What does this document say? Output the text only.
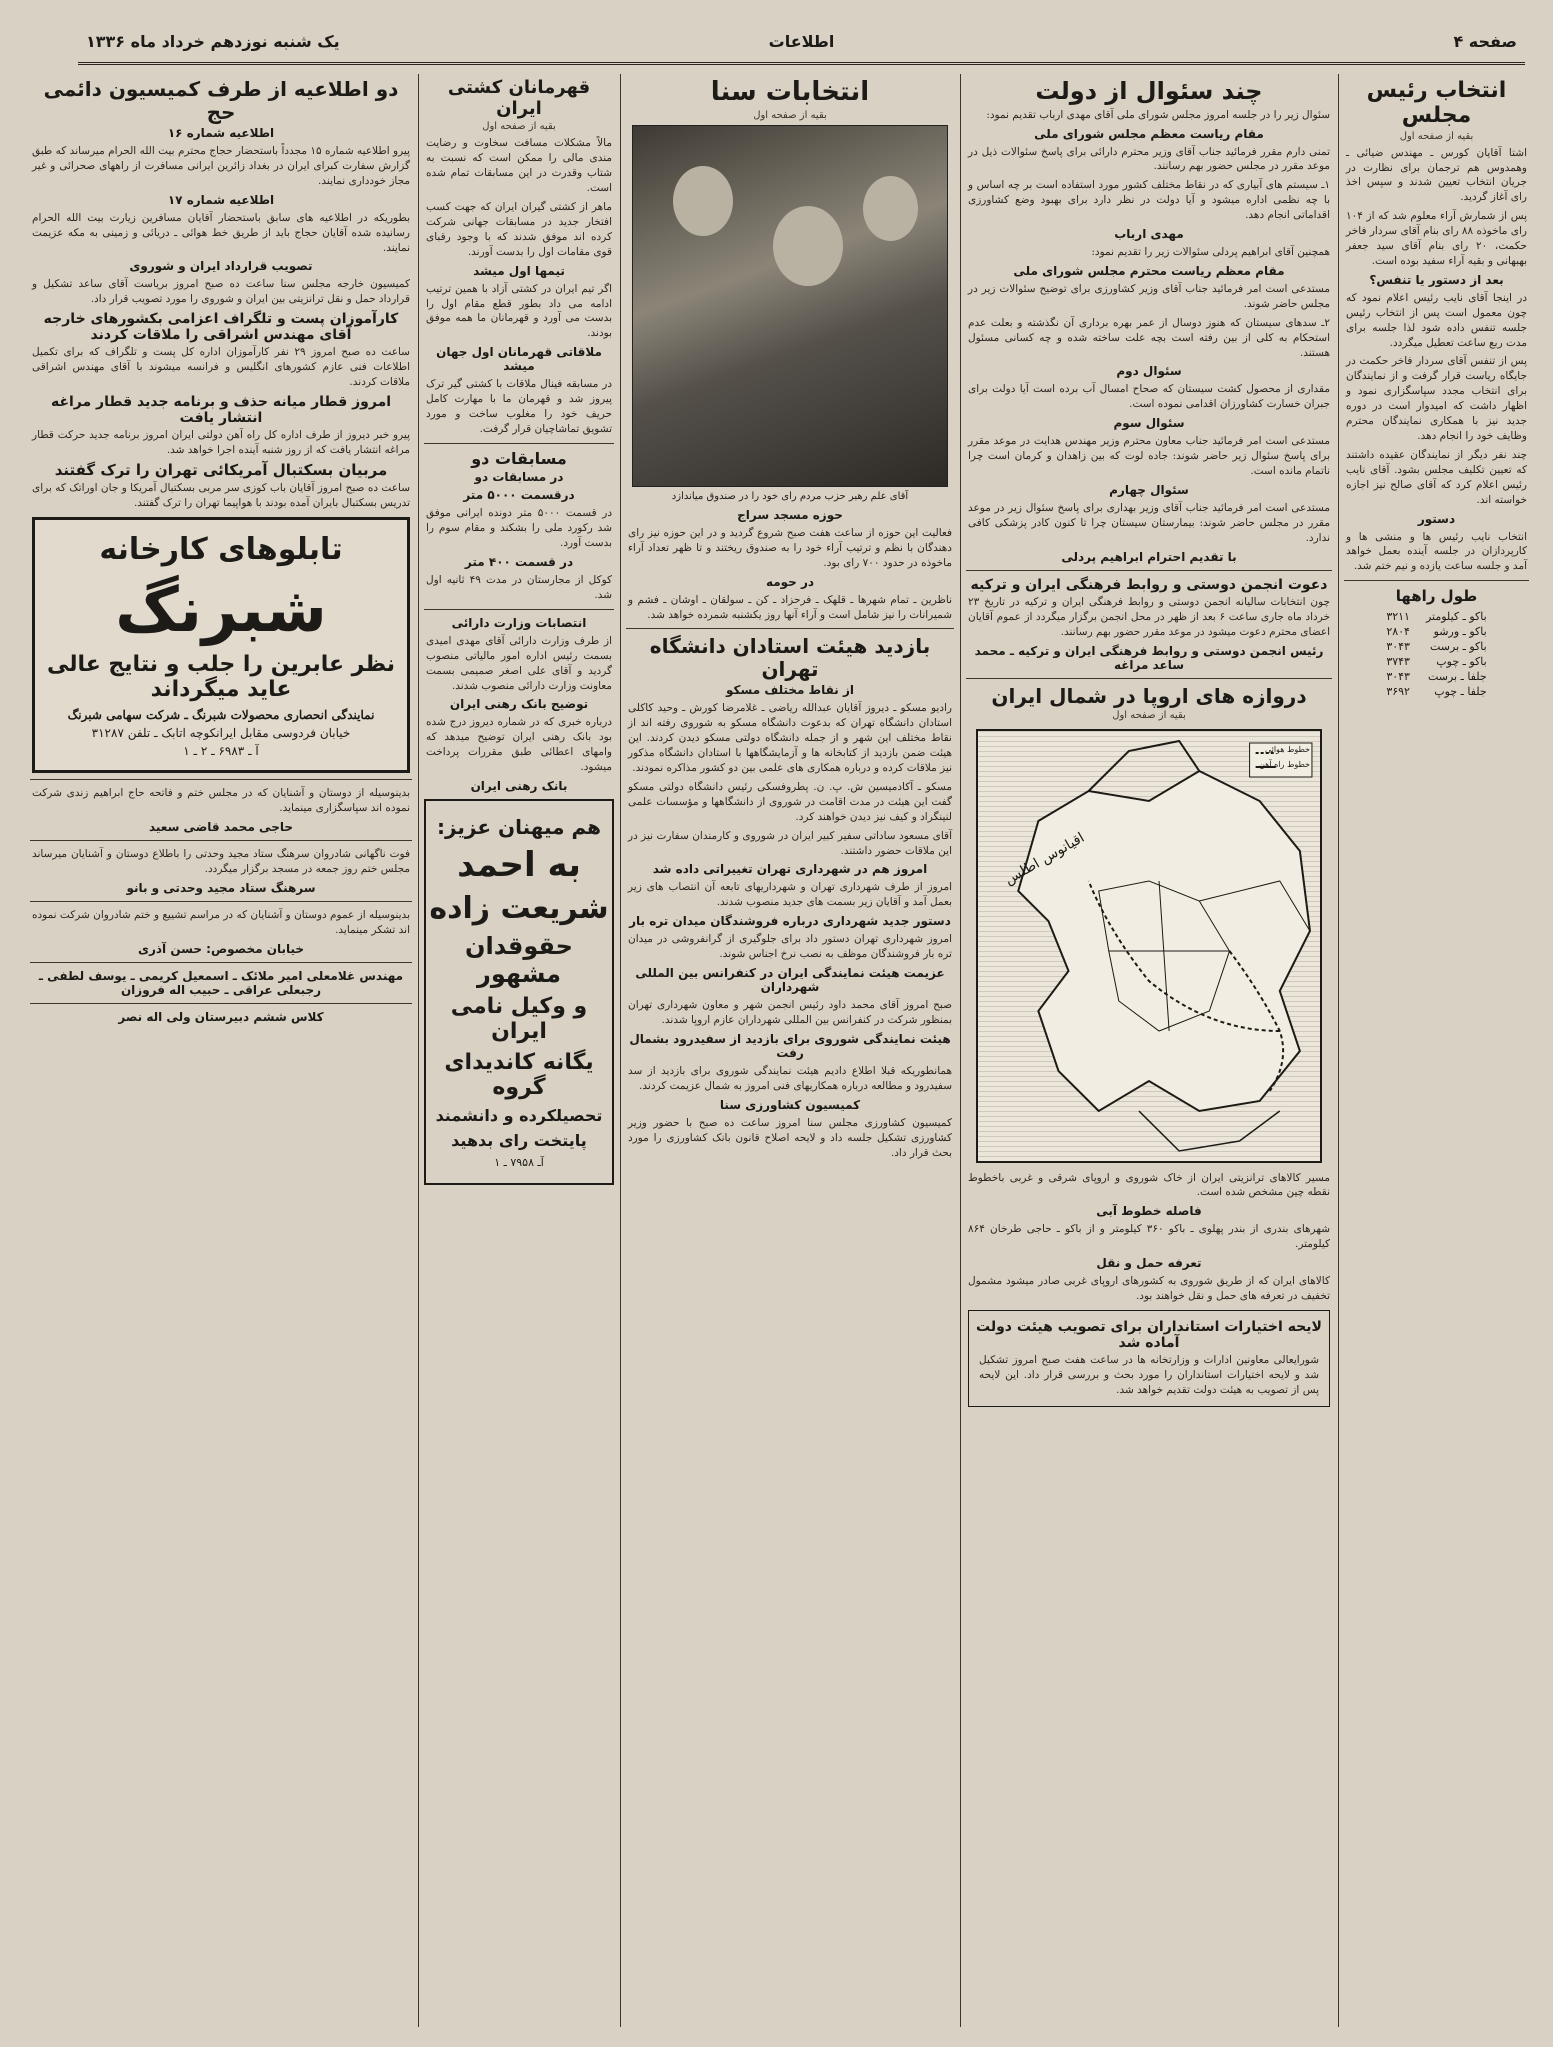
صفحه ۴
اطلاعات
یک شنبه نوزدهم خرداد ماه ۱۳۳۶
انتخاب رئیس مجلس
بقیه از صفحه اول

اشتا آقایان کورس ـ مهندس ضیائی ـ وهمدوس هم ترجمان برای نظارت در جریان انتخاب تعیین شدند و سپس اخذ رای آغاز گردید.

پس از شمارش آراء معلوم شد که از ۱۰۴ رای ماخوذه ۸۸ رای بنام آقای سردار فاخر حکمت، ۲۰ رای بنام آقای سید جعفر بهبهانی و بقیه آراء سفید بوده است.

بعد از دستور یا تنفس؟

در اینجا آقای نایب رئیس اعلام نمود که چون معمول است پس از انتخاب رئیس جلسه تنفس داده شود لذا جلسه برای مدت ربع ساعت تعطیل میگردد.

پس از تنفس آقای سردار فاخر حکمت در جایگاه ریاست قرار گرفت و از نمایندگان برای انتخاب مجدد سپاسگزاری نمود و اظهار داشت که امیدوار است در دوره جدید نیز با همکاری نمایندگان محترم وظایف خود را انجام دهد.

چند نفر دیگر از نمایندگان عقیده داشتند که تعیین تکلیف مجلس بشود. آقای نایب رئیس اعلام کرد که آقای صالح نیز اجازه خواسته اند.

دستور

انتخاب نایب رئیس ها و منشی ها و کارپردازان در جلسه آینده بعمل خواهد آمد و جلسه ساعت یازده و نیم ختم شد.

طول راهها
باکو ـ کیلومتر	۳۲۱۱
باکو ـ ورشو	۲۸۰۴
باکو ـ برست	۳۰۴۳
باکو ـ چوپ	۳۷۴۳
جلفا ـ برست	۳۰۴۳
جلفا ـ چوپ	۳۶۹۲
چند سئوال از دولت

سئوال زیر را در جلسه امروز مجلس شورای ملی آقای مهدی ارباب تقدیم نمود:

مقام ریاست معظم مجلس شورای ملی

تمنی دارم مقرر فرمائید جناب آقای وزیر محترم دارائی برای پاسخ سئوالات ذیل در موعد مقرر در مجلس حضور بهم رسانند.

۱ـ سیستم های آبیاری که در نقاط مختلف کشور مورد استفاده است بر چه اساس و با چه نظمی اداره میشود و آیا دولت در نظر دارد برای بهبود وضع کشاورزی اقداماتی انجام دهد.

مهدی ارباب

همچنین آقای ابراهیم پردلی سئوالات زیر را تقدیم نمود:

مقام معظم ریاست محترم مجلس شورای ملی

مستدعی است امر فرمائید جناب آقای وزیر کشاورزی برای توضیح سئوالات زیر در مجلس حاضر شوند.

۲ـ سدهای سیستان که هنوز دوسال از عمر بهره برداری آن نگذشته و بعلت عدم استحکام به کلی از بین رفته است بچه علت ساخته شده و چه کسانی مسئول هستند.

سئوال دوم

مقداری از محصول کشت سیستان که صحاح امسال آب برده است آیا دولت برای جبران خسارت کشاورزان اقدامی نموده است.

سئوال سوم

مستدعی است امر فرمائید جناب معاون محترم وزیر مهندس هدایت در موعد مقرر برای پاسخ سئوال زیر حاضر شوند: جاده لوت که بین زاهدان و کرمان است چرا ناتمام مانده است.

سئوال چهارم

مستدعی است امر فرمائید جناب آقای وزیر بهداری برای پاسخ سئوال زیر در موعد مقرر در مجلس حاضر شوند: بیمارستان سیستان چرا تا کنون کادر پزشکی کافی ندارد.

با تقدیم احترام ابراهیم پردلی
دعوت انجمن دوستی و روابط فرهنگی ایران و ترکیه

چون انتخابات سالیانه انجمن دوستی و روابط فرهنگی ایران و ترکیه در تاریخ ۲۳ خرداد ماه جاری ساعت ۶ بعد از ظهر در محل انجمن برگزار میگردد از عموم آقایان اعضای محترم دعوت میشود در موعد مقرر حضور بهم رسانند.

رئیس انجمن دوستی و روابط فرهنگی ایران و ترکیه ـ محمد ساعد مراغه
دروازه های اروپا در شمال ایران
بقیه از صفحه اول
اقیانوس اطلس
خطوط هوائی
خطوط راه آهن

مسیر کالاهای ترانزیتی ایران از خاک شوروی و اروپای شرقی و غربی باخطوط نقطه چین مشخص شده است.

فاصله خطوط آبی

شهرهای بندری از بندر پهلوی ـ باکو ۳۶۰ کیلومتر و از باکو ـ حاجی طرخان ۸۶۴ کیلومتر.

تعرفه حمل و نقل

کالاهای ایران که از طریق شوروی به کشورهای اروپای غربی صادر میشود مشمول تخفیف در تعرفه های حمل و نقل خواهند بود.

لایحه اختیارات استانداران برای تصویب هیئت دولت آماده شد

شورایعالی معاونین ادارات و وزارتخانه ها در ساعت هفت صبح امروز تشکیل شد و لایحه اختیارات استانداران را مورد بحث و بررسی قرار داد. این لایحه پس از تصویب به هیئت دولت تقدیم خواهد شد.

انتخابات سنا
بقیه از صفحه اول
آقای علم رهبر حزب مردم رای خود را در صندوق میاندازد
حوزه مسجد سراج

فعالیت این حوزه از ساعت هفت صبح شروع گردید و در این حوزه نیز رای دهندگان با نظم و ترتیب آراء خود را به صندوق ریختند و تا ظهر تعداد آراء ماخوذه در حدود ۷۰۰ رای بود.

در حومه

ناظرین ـ تمام شهرها ـ قلهک ـ فرحزاد ـ کن ـ سولقان ـ اوشان ـ فشم و شمیرانات را نیز شامل است و آراء آنها روز یکشنبه شمرده خواهد شد.

بازدید هیئت استادان دانشگاه تهران
از نقاط مختلف مسکو

رادیو مسکو ـ دیروز آقایان عبدالله ریاضی ـ غلامرضا کورش ـ وحید کاکلی استادان دانشگاه تهران که بدعوت دانشگاه مسکو به شوروی رفته اند از نقاط مختلف این شهر و از جمله دانشگاه دولتی مسکو دیدن کردند. این هیئت ضمن بازدید از کتابخانه ها و آزمایشگاهها با استادان دانشگاه مذکور نیز ملاقات کرده و درباره همکاری های علمی بین دو کشور مذاکره نمودند.

مسکو ـ آکادمیسین ش. پ. ن. پطروفسکی رئیس دانشگاه دولتی مسکو گفت این هیئت در مدت اقامت در شوروی از دانشگاهها و مؤسسات علمی لنینگراد و کیف نیز دیدن خواهند کرد.

آقای مسعود ساداتی سفیر کبیر ایران در شوروی و کارمندان سفارت نیز در این ملاقات حضور داشتند.

امروز هم در شهرداری تهران تغییراتی داده شد

امروز از طرف شهرداری تهران و شهرداریهای تابعه آن انتصاب های زیر بعمل آمد و آقایان زیر بسمت های جدید منصوب شدند.

دستور جدید شهرداری درباره فروشندگان میدان تره بار

امروز شهرداری تهران دستور داد برای جلوگیری از گرانفروشی در میدان تره بار فروشندگان موظف به نصب نرخ اجناس شوند.

عزیمت هیئت نمایندگی ایران در کنفرانس بین المللی شهرداران

صبح امروز آقای محمد داود رئیس انجمن شهر و معاون شهرداری تهران بمنظور شرکت در کنفرانس بین المللی شهرداران عازم اروپا شدند.

هیئت نمایندگی شوروی برای بازدید از سفیدرود بشمال رفت

همانطوریکه قبلا اطلاع دادیم هیئت نمایندگی شوروی برای بازدید از سد سفیدرود و مطالعه درباره همکاریهای فنی امروز به شمال عزیمت کردند.

کمیسیون کشاورزی سنا

کمیسیون کشاورزی مجلس سنا امروز ساعت ده صبح با حضور وزیر کشاورزی تشکیل جلسه داد و لایحه اصلاح قانون بانک کشاورزی را مورد بحث قرار داد.

قهرمانان کشتی ایران
بقیه از صفحه اول

مالاً مشکلات مسافت سخاوت و رضایت مندی مالی را ممکن است که نسبت به شتاب وقدرت در این مسابقات تمام شده است.

ماهر از کشتی گیران ایران که جهت کسب افتخار جدید در مسابقات جهانی شرکت کرده اند موفق شدند که با وجود رقبای قوی مقامات اول را بدست آورند.

تیمها اول میشد

اگر تیم ایران در کشتی آزاد با همین ترتیب ادامه می داد بطور قطع مقام اول را بدست می آورد و قهرمانان ما همه موفق بودند.

ملاقاتی قهرمانان اول جهان میشد

در مسابقه فینال ملاقات با کشتی گیر ترک پیروز شد و قهرمان ما با مهارت کامل حریف خود را مغلوب ساخت و مورد تشویق تماشاچیان قرار گرفت.

مسابقات دو
در مسابقات دو
درقسمت ۵۰۰۰ متر

در قسمت ۵۰۰۰ متر دونده ایرانی موفق شد رکورد ملی را بشکند و مقام سوم را بدست آورد.

در قسمت ۴۰۰ متر

کوکل از مجارستان در مدت ۴۹ ثانیه اول شد.

انتصابات وزارت دارائی

از طرف وزارت دارائی آقای مهدی امیدی بسمت رئیس اداره امور مالیاتی منصوب گردید و آقای علی اصغر صمیمی بسمت معاونت وزارت دارائی منصوب شدند.

توضیح بانک رهنی ایران

درباره خبری که در شماره دیروز درج شده بود بانک رهنی ایران توضیح میدهد که وامهای اعطائی طبق مقررات پرداخت میشود.

بانک رهنی ایران
هم میهنان عزیز:
به احمد
شریعت زاده
حقوقدان مشهور
و وکیل نامی ایران
یگانه کاندیدای گروه
تحصیلکرده و دانشمند
پایتخت رای بدهید
آـ ۷۹۵۸ ـ ۱
دو اطلاعیه از طرف کمیسیون دائمی حج
اطلاعیه شماره ۱۶

پیرو اطلاعیه شماره ۱۵ مجدداً باستحضار حجاج محترم بیت الله الحرام میرساند که طبق گزارش سفارت کبرای ایران در بغداد زائرین ایرانی مسافرت از راههای صحرائی و غیر مجاز خودداری نمایند.

اطلاعیه شماره ۱۷

بطوریکه در اطلاعیه های سابق باستحضار آقایان مسافرین زیارت بیت الله الحرام رسانیده شده آقایان حجاج باید از طریق خط هوائی ـ دریائی و زمینی به مکه عزیمت نمایند.

تصویب قرارداد ایران و شوروی

کمیسیون خارجه مجلس سنا ساعت ده صبح امروز بریاست آقای ساعد تشکیل و قرارداد حمل و نقل ترانزیتی بین ایران و شوروی را مورد تصویب قرار داد.

کارآموزان پست و تلگراف اعزامی بکشورهای خارجه آقای مهندس اشراقی را ملاقات کردند

ساعت ده صبح امروز ۲۹ نفر کارآموزان اداره کل پست و تلگراف که برای تکمیل اطلاعات فنی عازم کشورهای انگلیس و فرانسه میشوند با آقای مهندس اشراقی ملاقات کردند.

امروز قطار میانه حذف و برنامه جدید قطار مراغه انتشار یافت

پیرو خبر دیروز از طرف اداره کل راه آهن دولتی ایران امروز برنامه جدید حرکت قطار مراغه انتشار یافت که از روز شنبه آینده اجرا خواهد شد.

مربیان بسکتبال آمریکائی تهران را ترک گفتند

ساعت ده صبح امروز آقایان باب کوزی سر مربی بسکتبال آمریکا و جان اوراتک که برای تدریس بسکتبال بایران آمده بودند با هواپیما تهران را ترک گفتند.

تابلوهای کارخانه
شبرنگ
نظر عابرین را جلب و نتایج عالی عاید میگرداند
نمایندگی انحصاری محصولات شبرنگ ـ شرکت سهامی شبرنگ
خیابان فردوسی مقابل ایرانکوچه اتابک ـ تلفن ۳۱۲۸۷
آ ـ ۶۹۸۳ ـ ۲ ـ ۱

بدینوسیله از دوستان و آشنایان که در مجلس ختم و فاتحه حاج ابراهیم زندی شرکت نموده اند سپاسگزاری مینماید.

حاجی محمد قاضی سعید

فوت ناگهانی شادروان سرهنگ ستاد مجید وحدتی را باطلاع دوستان و آشنایان میرساند مجلس ختم روز جمعه در مسجد برگزار میگردد.

سرهنگ ستاد مجید وحدتی و بانو

بدینوسیله از عموم دوستان و آشنایان که در مراسم تشییع و ختم شادروان شرکت نموده اند تشکر مینماید.

خیابان مخصوص: حسن آذری
مهندس غلامعلی امیر ملائک ـ اسمعیل کریمی ـ یوسف لطفی ـ رجبعلی عراقی ـ حبیب اله فروزان
کلاس ششم دبیرستان ولی اله نصر
